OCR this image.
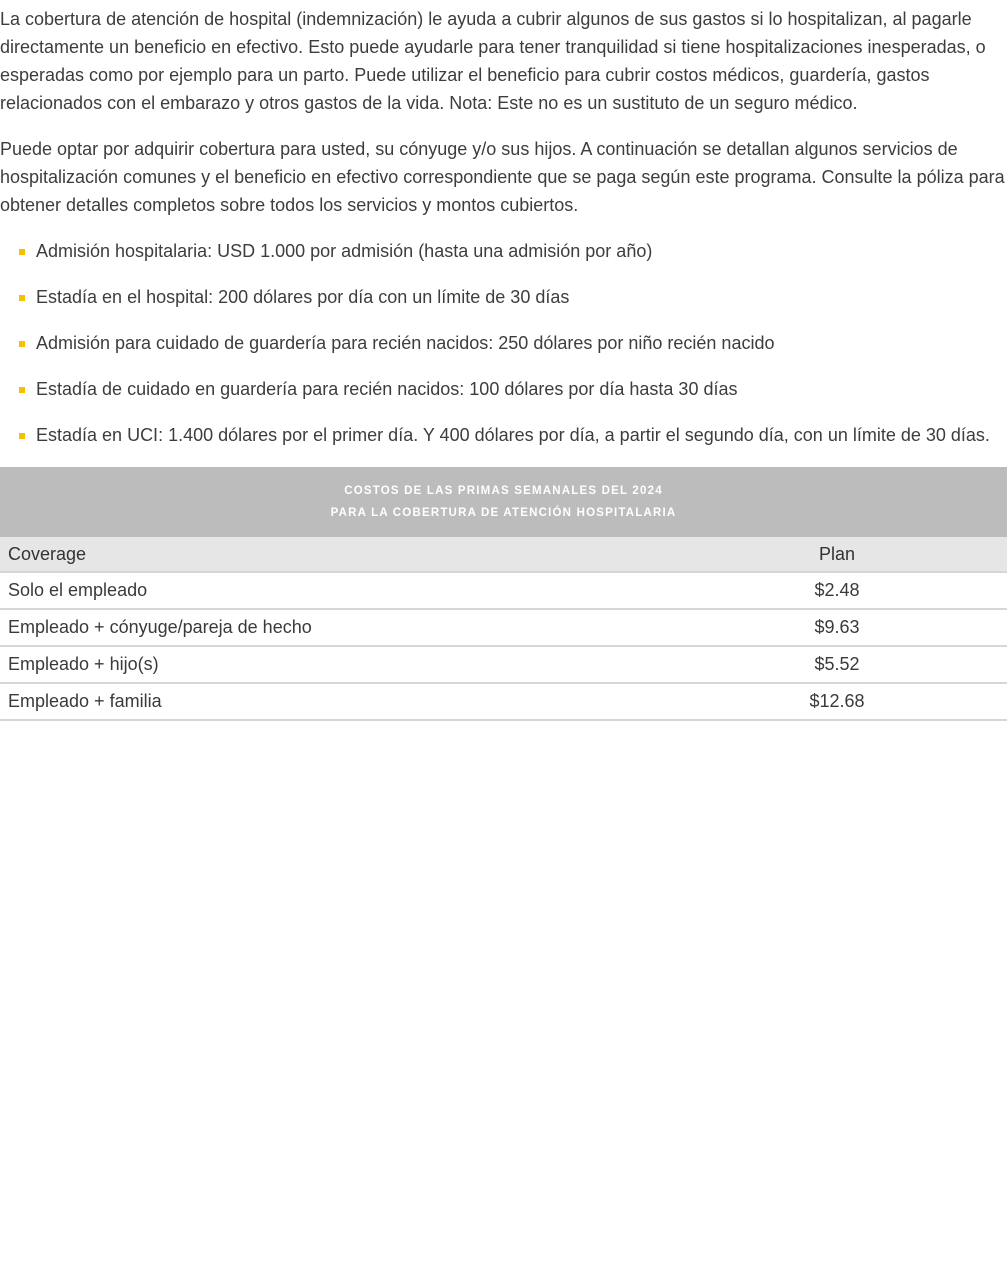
La cobertura de atención de hospital (indemnización) le ayuda a cubrir algunos de sus gastos si lo hospitalizan, al pagarle directamente un beneficio en efectivo. Esto puede ayudarle para tener tranquilidad si tiene hospitalizaciones inesperadas, o esperadas como por ejemplo para un parto. Puede utilizar el beneficio para cubrir costos médicos, guardería, gastos relacionados con el embarazo y otros gastos de la vida. Nota: Este no es un sustituto de un seguro médico.

Puede optar por adquirir cobertura para usted, su cónyuge y/o sus hijos. A continuación se detallan algunos servicios de hospitalización comunes y el beneficio en efectivo correspondiente que se paga según este programa. Consulte la póliza para obtener detalles completos sobre todos los servicios y montos cubiertos.

Admisión hospitalaria: USD 1.000 por admisión (hasta una admisión por año)
Estadía en el hospital: 200 dólares por día con un límite de 30 días
Admisión para cuidado de guardería para recién nacidos: 250 dólares por niño recién nacido
Estadía de cuidado en guardería para recién nacidos: 100 dólares por día hasta 30 días
Estadía en UCI: 1.400 dólares por el primer día. Y 400 dólares por día, a partir el segundo día, con un límite de 30 días.
COSTOS DE LAS PRIMAS SEMANALES DEL 2024
PARA LA COBERTURA DE ATENCIÓN HOSPITALARIA
Coverage	Plan
Solo el empleado	$2.48
Empleado + cónyuge/pareja de hecho	$9.63
Empleado + hijo(s)	$5.52
Empleado + familia	$12.68
